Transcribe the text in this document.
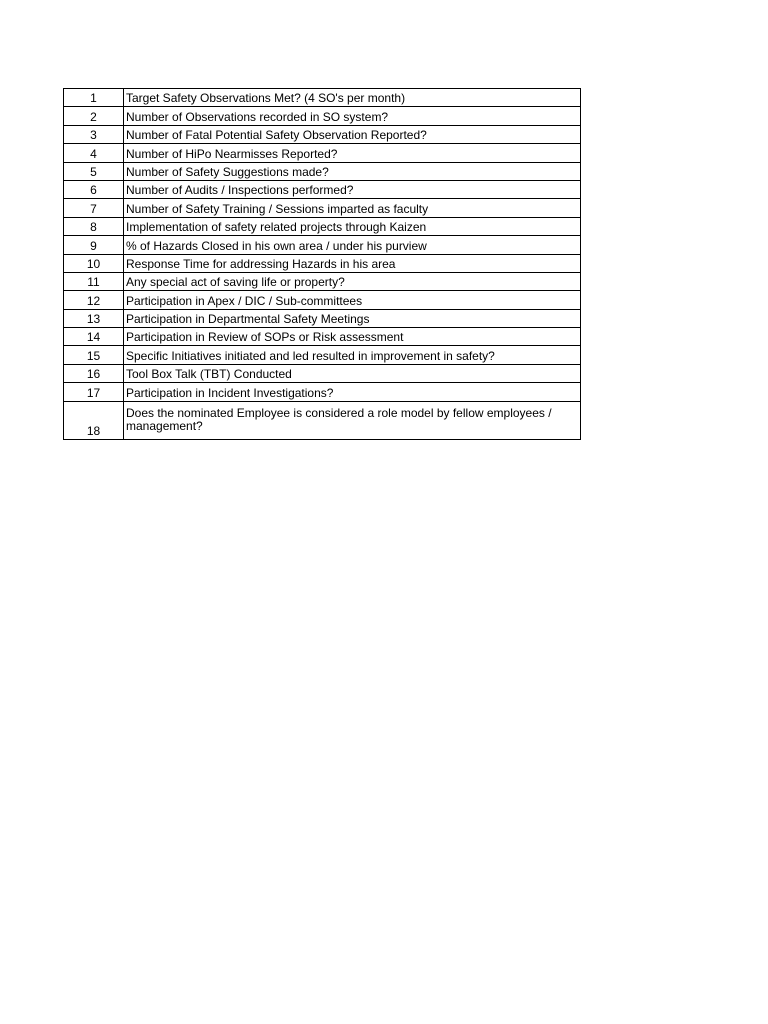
1	Target Safety Observations Met? (4 SO's per month)
2	Number of Observations recorded in SO system?
3	Number of Fatal Potential Safety Observation Reported?
4	Number of HiPo Nearmisses Reported?
5	Number of Safety Suggestions made?
6	Number of Audits / Inspections performed?
7	Number of Safety Training / Sessions imparted as faculty
8	Implementation of safety related projects through Kaizen
9	% of Hazards Closed in his own area / under his purview
10	Response Time for addressing Hazards in his area
11	Any special act of saving life or property?
12	Participation in Apex / DIC / Sub-committees
13	Participation in Departmental Safety Meetings
14	Participation in Review of SOPs or Risk assessment
15	Specific Initiatives initiated and led resulted in improvement in safety?
16	Tool Box Talk (TBT) Conducted
17	Participation in Incident Investigations?
18	Does the nominated Employee is considered a role model by fellow employees / management?
